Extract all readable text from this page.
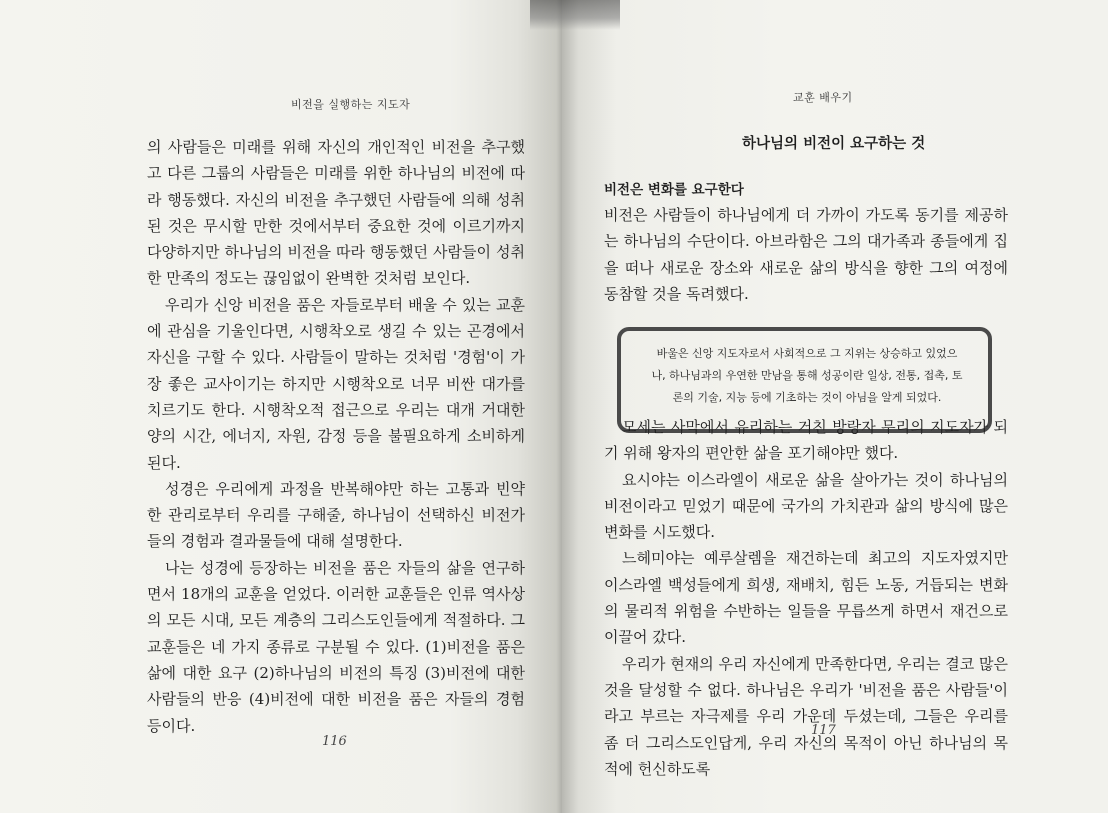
비전을 실행하는 지도자

의 사람들은 미래를 위해 자신의 개인적인 비전을 추구했고 다른 그룹의 사람들은 미래를 위한 하나님의 비전에 따라 행동했다. 자신의 비전을 추구했던 사람들에 의해 성취된 것은 무시할 만한 것에서부터 중요한 것에 이르기까지 다양하지만 하나님의 비전을 따라 행동했던 사람들이 성취한 만족의 정도는 끊임없이 완벽한 것처럼 보인다.

우리가 신앙 비전을 품은 자들로부터 배울 수 있는 교훈에 관심을 기울인다면, 시행착오로 생길 수 있는 곤경에서 자신을 구할 수 있다. 사람들이 말하는 것처럼 '경험'이 가장 좋은 교사이기는 하지만 시행착오로 너무 비싼 대가를 치르기도 한다. 시행착오적 접근으로 우리는 대개 거대한 양의 시간, 에너지, 자원, 감정 등을 불필요하게 소비하게 된다.

성경은 우리에게 과정을 반복해야만 하는 고통과 빈약한 관리로부터 우리를 구해줄, 하나님이 선택하신 비전가들의 경험과 결과물들에 대해 설명한다.

나는 성경에 등장하는 비전을 품은 자들의 삶을 연구하면서 18개의 교훈을 얻었다. 이러한 교훈들은 인류 역사상의 모든 시대, 모든 계층의 그리스도인들에게 적절하다. 그 교훈들은 네 가지 종류로 구분될 수 있다. (1)비전을 품은 삶에 대한 요구 (2)하나님의 비전의 특징 (3)비전에 대한 사람들의 반응 (4)비전에 대한 비전을 품은 자들의 경험 등이다.

116
교훈 배우기
하나님의 비전이 요구하는 것
비전은 변화를 요구한다

비전은 사람들이 하나님에게 더 가까이 가도록 동기를 제공하는 하나님의 수단이다. 아브라함은 그의 대가족과 종들에게 집을 떠나 새로운 장소와 새로운 삶의 방식을 향한 그의 여정에 동참할 것을 독려했다.

바울은 신앙 지도자로서 사회적으로 그 지위는 상승하고 있었으
나, 하나님과의 우연한 만남을 통해 성공이란 일상, 전통, 접촉, 토
론의 기술, 지능 등에 기초하는 것이 아님을 알게 되었다.

모세는 사막에서 유리하는 거친 방랑자 무리의 지도자가 되기 위해 왕자의 편안한 삶을 포기해야만 했다.

요시야는 이스라엘이 새로운 삶을 살아가는 것이 하나님의 비전이라고 믿었기 때문에 국가의 가치관과 삶의 방식에 많은 변화를 시도했다.

느헤미야는 예루살렘을 재건하는데 최고의 지도자였지만 이스라엘 백성들에게 희생, 재배치, 힘든 노동, 거듭되는 변화의 물리적 위험을 수반하는 일들을 무릅쓰게 하면서 재건으로 이끌어 갔다.

우리가 현재의 우리 자신에게 만족한다면, 우리는 결코 많은 것을 달성할 수 없다. 하나님은 우리가 '비전을 품은 사람들'이라고 부르는 자극제를 우리 가운데 두셨는데, 그들은 우리를 좀 더 그리스도인답게, 우리 자신의 목적이 아닌 하나님의 목적에 헌신하도록

117
